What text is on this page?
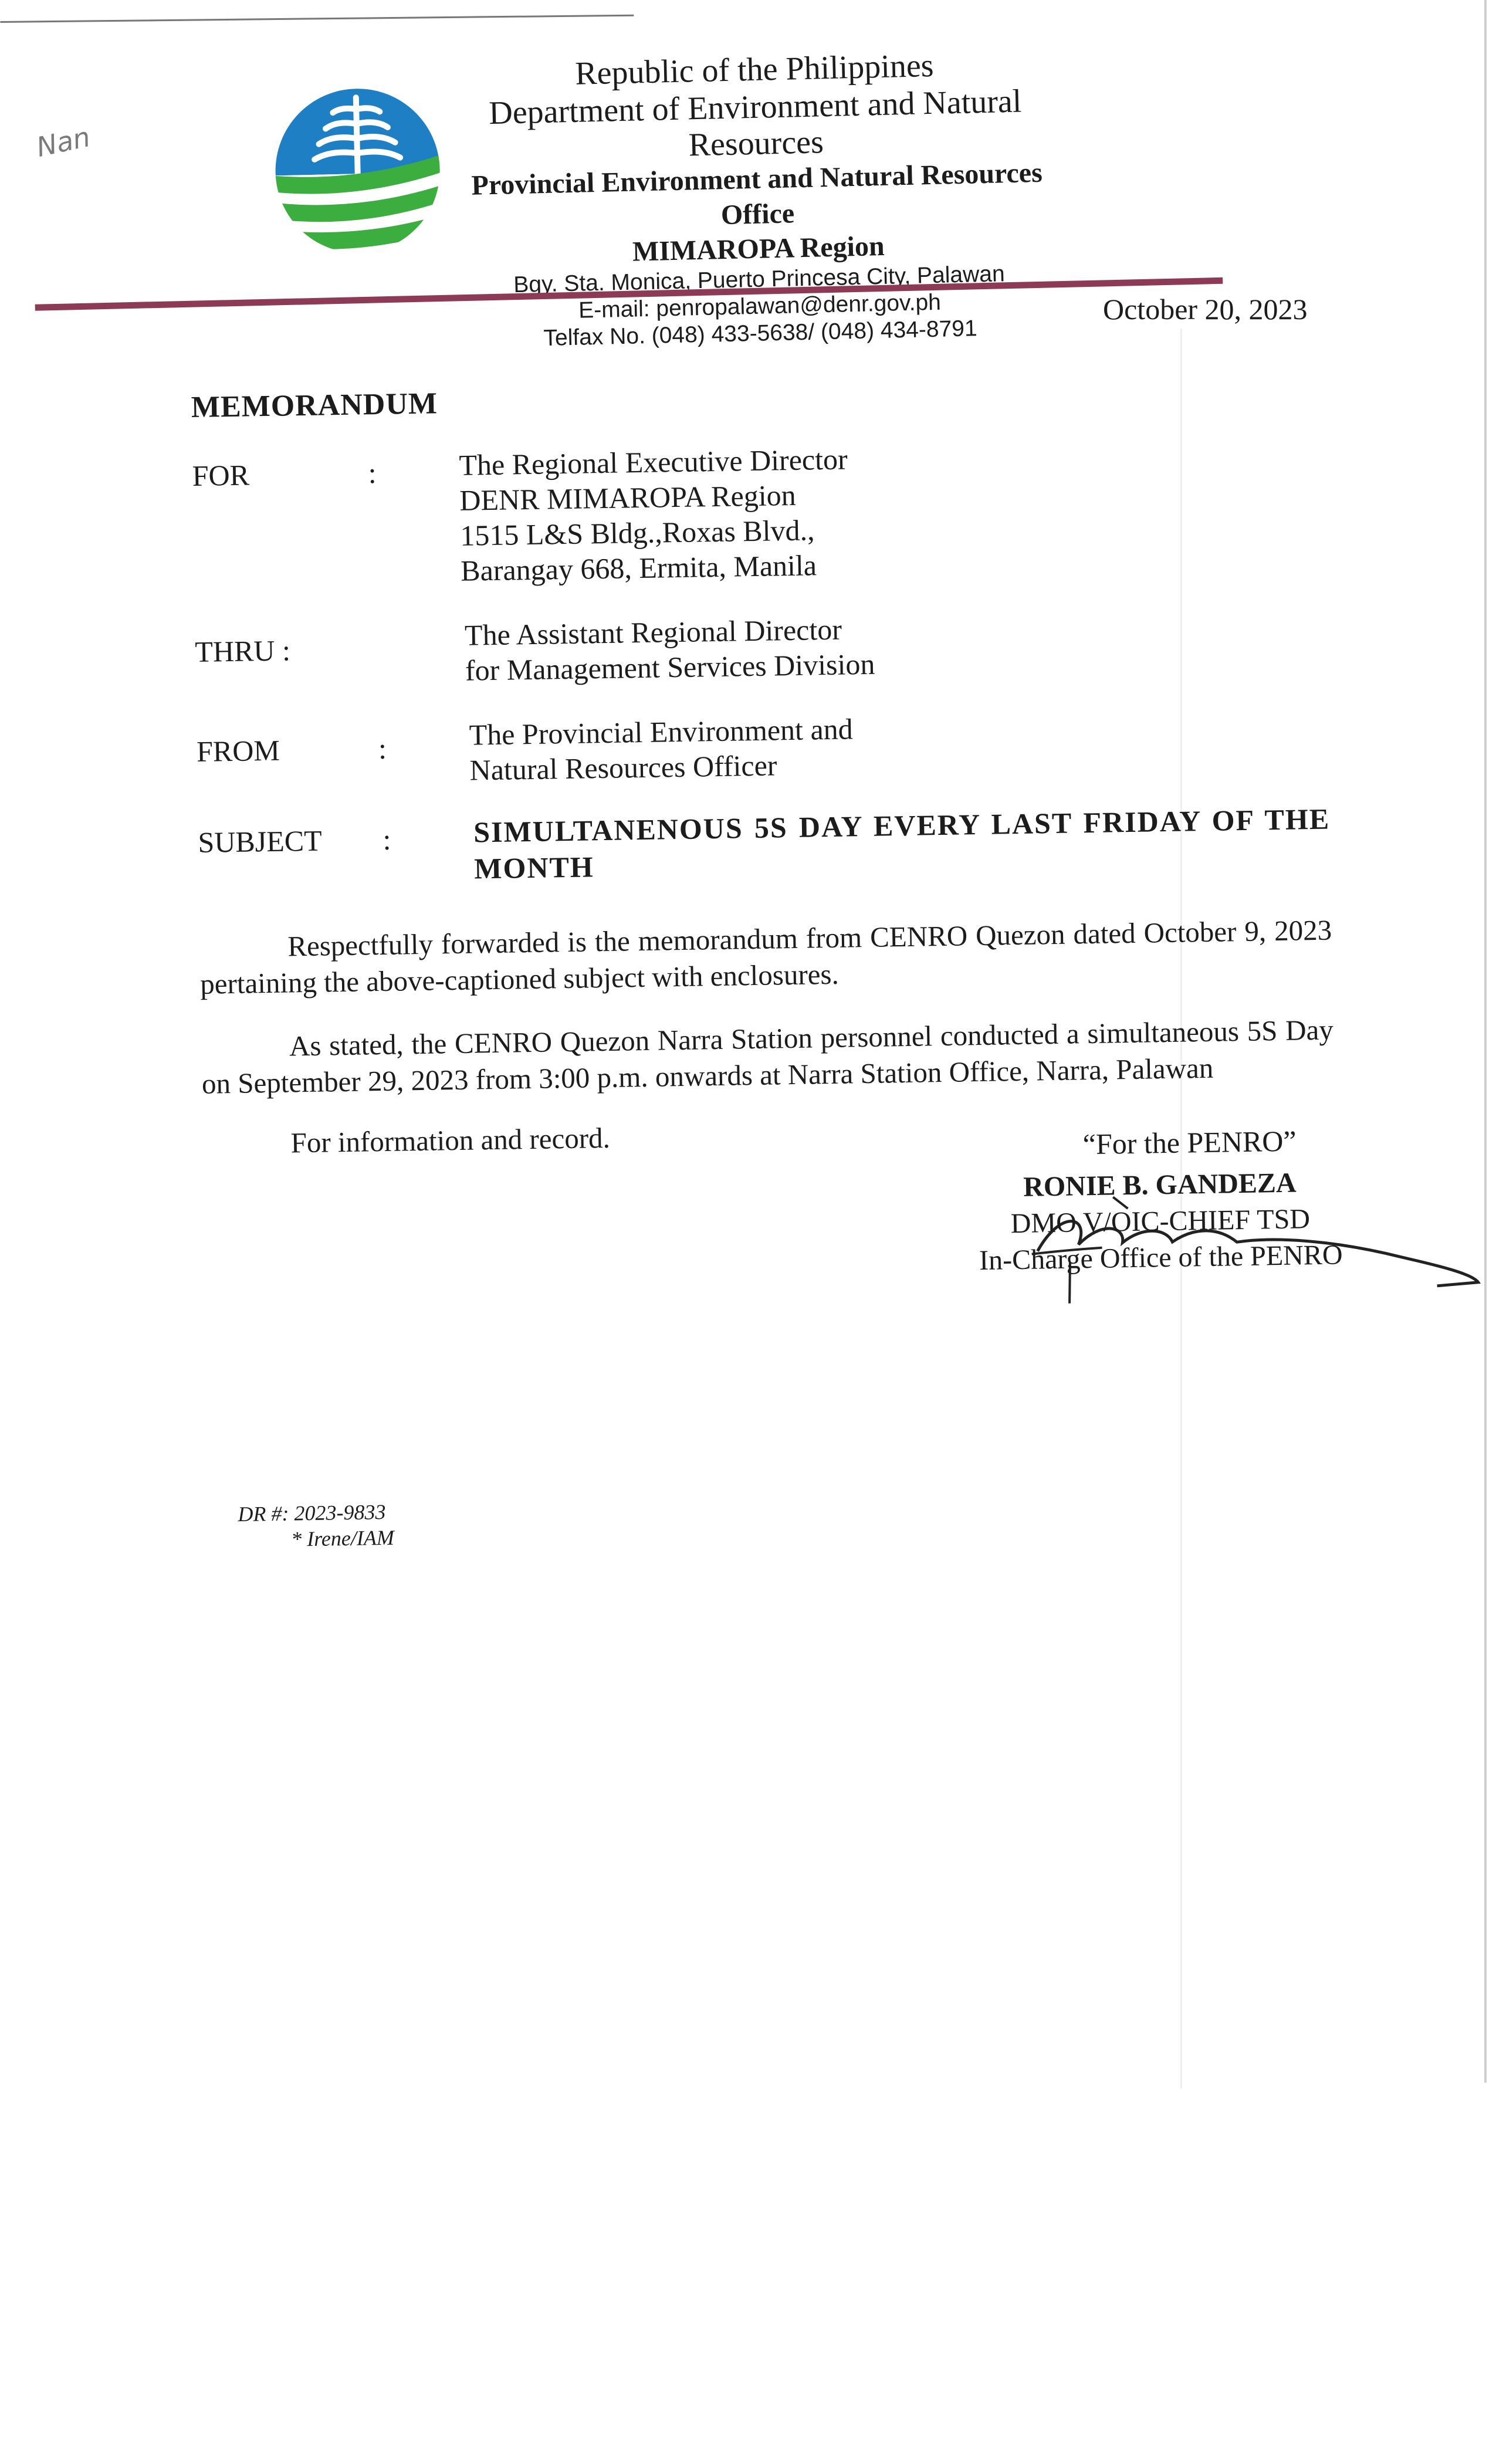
Nan
Republic of the Philippines
Department of Environment and Natural Resources
Provincial Environment and Natural Resources Office
MIMAROPA Region
Bgy. Sta. Monica, Puerto Princesa City, Palawan
E-mail: penropalawan@denr.gov.ph
Telfax No. (048) 433-5638/ (048) 434-8791
October 20, 2023
MEMORANDUM
FOR	:	The Regional Executive Director
DENR MIMAROPA Region
1515 L&S Bldg.,Roxas Blvd.,
Barangay 668, Ermita, Manila
THRU :	The Assistant Regional Director
for Management Services Division
FROM	:	The Provincial Environment and
Natural Resources Officer
SUBJECT :	SIMULTANENOUS 5S DAY EVERY LAST FRIDAY OF THE MONTH
Respectfully forwarded is the memorandum from CENRO Quezon dated October 9, 2023 pertaining the above-captioned subject with enclosures.
As stated, the CENRO Quezon Narra Station personnel conducted a simultaneous 5S Day on September 29, 2023 from 3:00 p.m. onwards at Narra Station Office, Narra, Palawan
For information and record.	“For the PENRO”
RONIE B. GANDEZA
DMO V/OIC-CHIEF TSD
In-Charge Office of the PENRO
DR #: 2023-9833
* Irene/IAM
